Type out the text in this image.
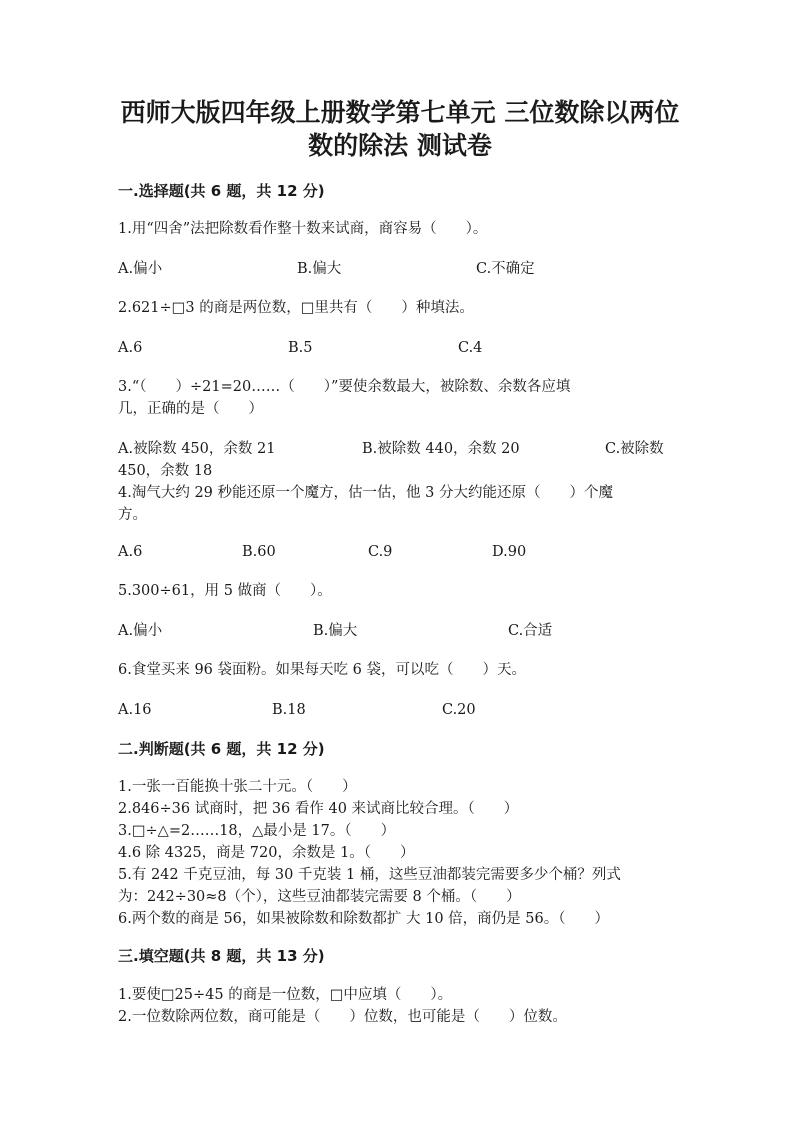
西师大版四年级上册数学第七单元 三位数除以两位
数的除法 测试卷
一.选择题(共 6 题，共 12 分)
1.用“四舍”法把除数看作整十数来试商，商容易（　　）。
A.偏小	B.偏大	C.不确定
2.621÷□3 的商是两位数，□里共有（　　）种填法。
A.6	B.5	C.4
3.“（　　）÷21=20……（　　）”要使余数最大，被除数、余数各应填
几，正确的是（　　）
A.被除数 450，余数 21	B.被除数 440，余数 20	C.被除数
450，余数 18
4.淘气大约 29 秒能还原一个魔方，估一估，他 3 分大约能还原（　　）个魔
方。
A.6	B.60	C.9	D.90
5.300÷61，用 5 做商（　　）。
A.偏小	B.偏大	C.合适
6.食堂买来 96 袋面粉。如果每天吃 6 袋，可以吃（　　）天。
A.16	B.18	C.20
二.判断题(共 6 题，共 12 分)
1.一张一百能换十张二十元。（　　）
2.846÷36 试商时，把 36 看作 40 来试商比较合理。（　　）
3.□÷△=2……18，△最小是 17。（　　）
4.6 除 4325，商是 720，余数是 1。（　　）
5.有 242 千克豆油，每 30 千克装 1 桶，这些豆油都装完需要多少个桶？列式
为：242÷30≈8（个），这些豆油都装完需要 8 个桶。（　　）
6.两个数的商是 56，如果被除数和除数都扩 大 10 倍，商仍是 56。（　　）
三.填空题(共 8 题，共 13 分)
1.要使□25÷45 的商是一位数，□中应填（　　）。
2.一位数除两位数，商可能是（　　）位数，也可能是（　　）位数。
